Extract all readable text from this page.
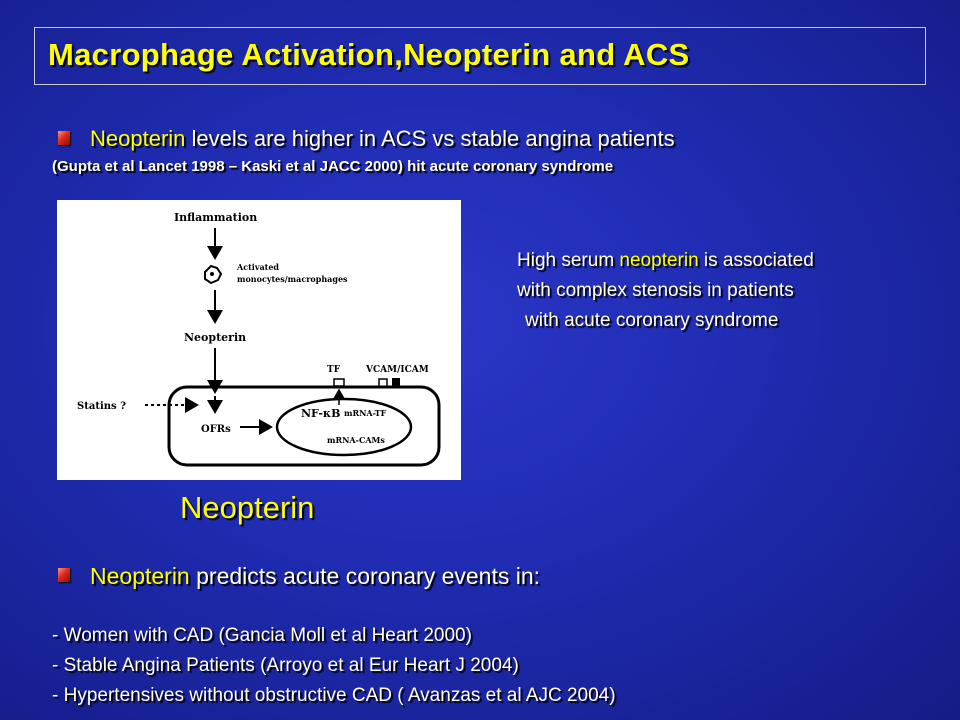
Macrophage Activation,Neopterin and ACS
Neopterin levels are higher in ACS vs stable angina patients
(Gupta et al Lancet 1998 – Kaski et al JACC 2000) hit acute coronary syndrome
Inflammation
Activated
monocytes/macrophages
Neopterin
TF	VCAM/ICAM
Statins ?
OFRs
NF-κB mRNA-TF
mRNA-CAMs
High serum neopterin is associated
with complex stenosis in patients
with acute coronary syndrome
Neopterin
Neopterin predicts acute coronary events in:
- Women with CAD (Gancia Moll et al Heart 2000)
- Stable Angina Patients (Arroyo et al Eur Heart J 2004)
- Hypertensives without obstructive CAD ( Avanzas et al AJC 2004)
